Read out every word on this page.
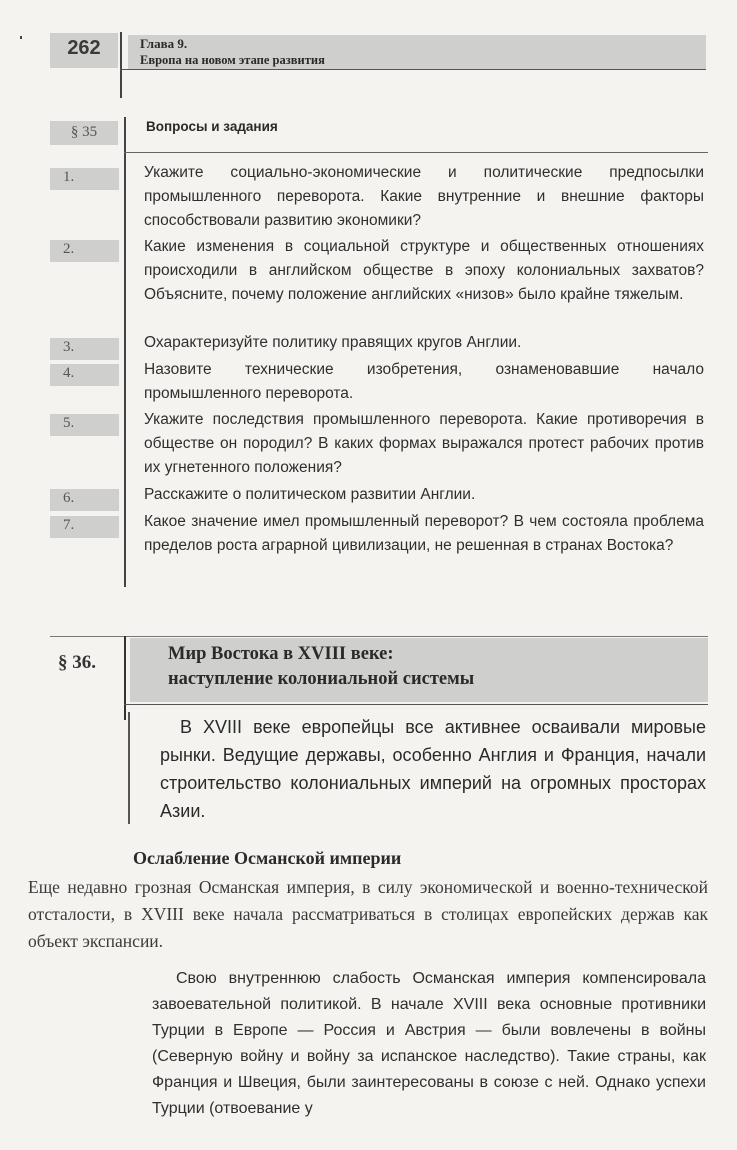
262	Глава 9.
Европа на новом этапе развития
§ 35	Вопросы и задания
1.	Укажите социально-экономические и политические предпосылки промышленного переворота. Какие внутренние и внешние факторы способствовали развитию экономики?
2.	Какие изменения в социальной структуре и общественных отношениях происходили в английском обществе в эпоху колониальных захватов? Объясните, почему положение английских «низов» было крайне тяжелым.
3.	Охарактеризуйте политику правящих кругов Англии.
4.	Назовите технические изобретения, ознаменовавшие начало промышленного переворота.
5.	Укажите последствия промышленного переворота. Какие противоречия в обществе он породил? В каких формах выражался протест рабочих против их угнетенного положения?
6.	Расскажите о политическом развитии Англии.
7.	Какое значение имел промышленный переворот? В чем состояла проблема пределов роста аграрной цивилизации, не решенная в странах Востока?
§ 36.	Мир Востока в XVIII веке:
наступление колониальной системы
В XVIII веке европейцы все активнее осваивали мировые рынки. Ведущие державы, особенно Англия и Франция, начали строительство колониальных империй на огромных просторах Азии.
Ослабление Османской империи
Еще недавно грозная Османская империя, в силу экономической и военно-технической отсталости, в XVIII веке начала рассматриваться в столицах европейских держав как объект экспансии.
Свою внутреннюю слабость Османская империя компенсировала завоевательной политикой. В начале XVIII века основные противники Турции в Европе — Россия и Австрия — были вовлечены в войны (Северную войну и войну за испанское наследство). Такие страны, как Франция и Швеция, были заинтересованы в союзе с ней. Однако успехи Турции (отвоевание у
